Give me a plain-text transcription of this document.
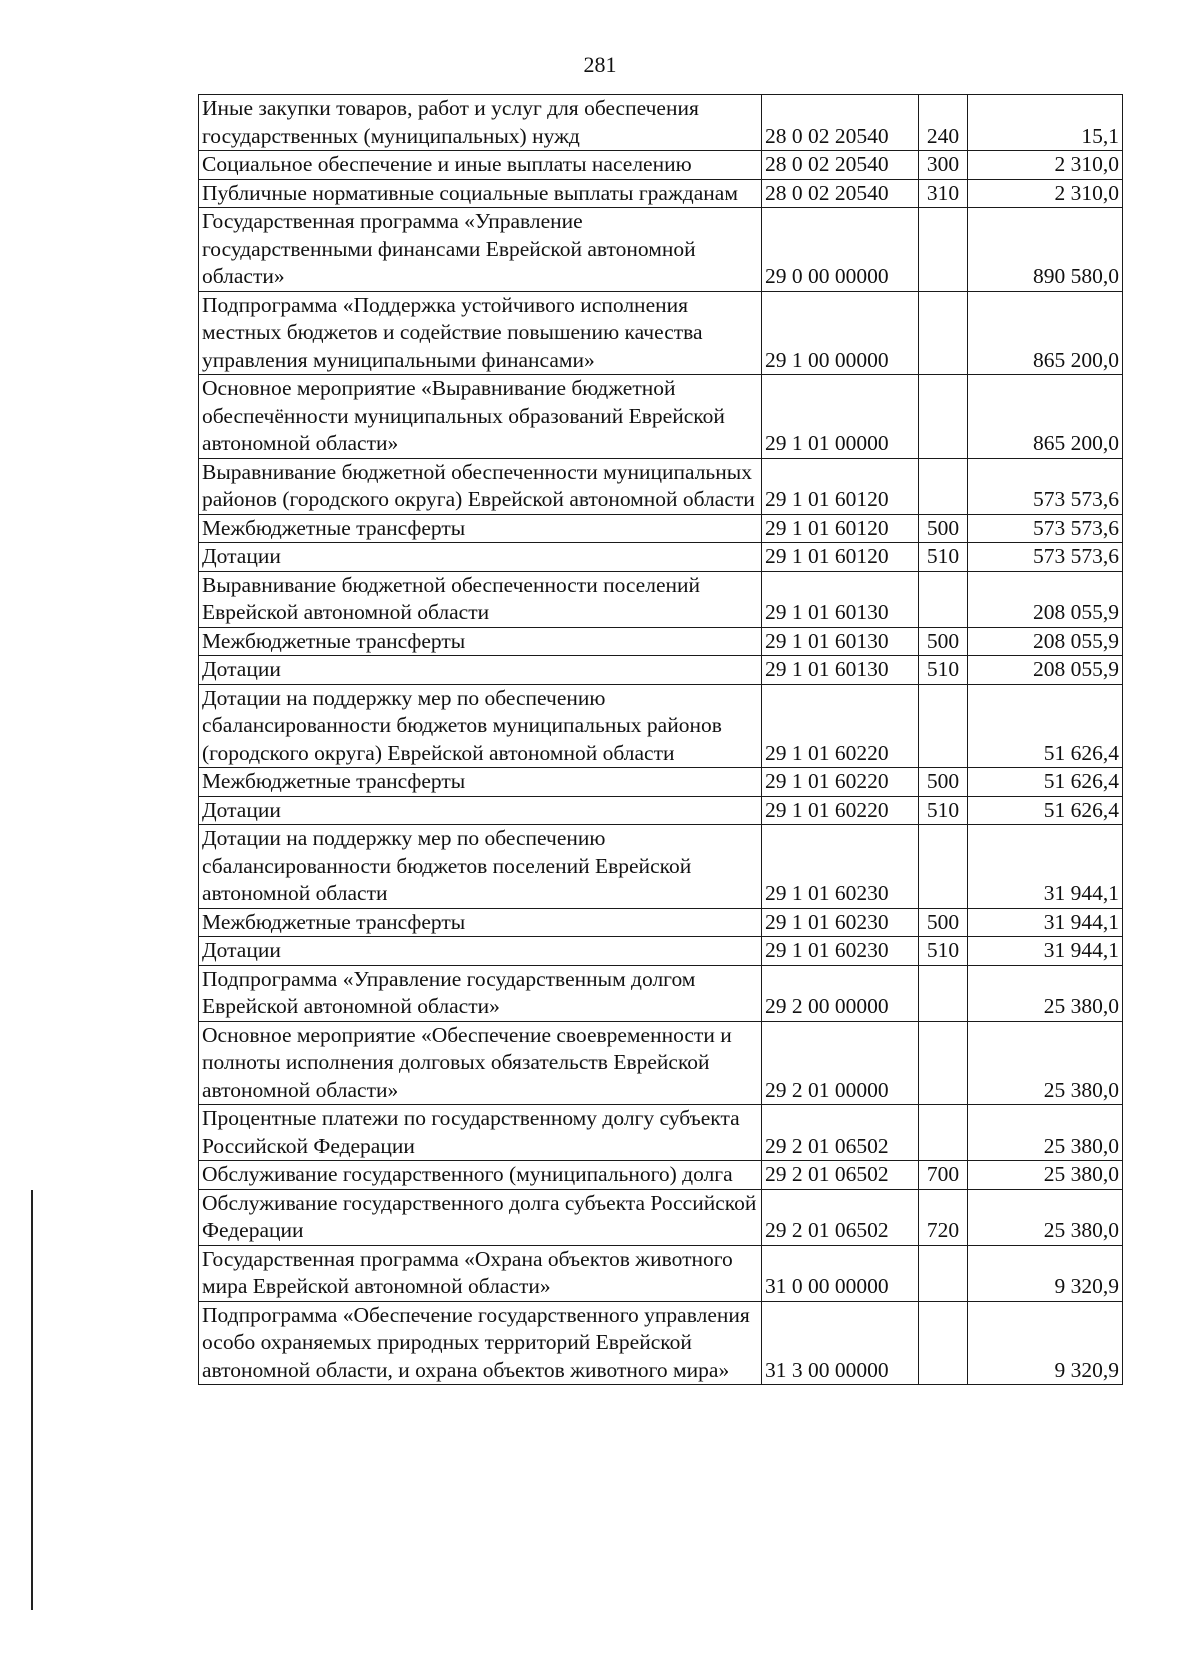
281
Иные закупки товаров, работ и услуг для обеспечения государственных (муниципальных) нужд	28 0 02 20540	240	15,1
Социальное обеспечение и иные выплаты населению	28 0 02 20540	300	2 310,0
Публичные нормативные социальные выплаты гражданам	28 0 02 20540	310	2 310,0
Государственная программа «Управление государственными финансами Еврейской автономной области»	29 0 00 00000		890 580,0
Подпрограмма «Поддержка устойчивого исполнения местных бюджетов и содействие повышению качества управления муниципальными финансами»	29 1 00 00000		865 200,0
Основное мероприятие «Выравнивание бюджетной обеспечённости муниципальных образований Еврейской автономной области»	29 1 01 00000		865 200,0
Выравнивание бюджетной обеспеченности муниципальных районов (городского округа) Еврейской автономной области	29 1 01 60120		573 573,6
Межбюджетные трансферты	29 1 01 60120	500	573 573,6
Дотации	29 1 01 60120	510	573 573,6
Выравнивание бюджетной обеспеченности поселений Еврейской автономной области	29 1 01 60130		208 055,9
Межбюджетные трансферты	29 1 01 60130	500	208 055,9
Дотации	29 1 01 60130	510	208 055,9
Дотации на поддержку мер по обеспечению сбалансированности бюджетов муниципальных районов (городского округа) Еврейской автономной области	29 1 01 60220		51 626,4
Межбюджетные трансферты	29 1 01 60220	500	51 626,4
Дотации	29 1 01 60220	510	51 626,4
Дотации на поддержку мер по обеспечению сбалансированности бюджетов поселений Еврейской автономной области	29 1 01 60230		31 944,1
Межбюджетные трансферты	29 1 01 60230	500	31 944,1
Дотации	29 1 01 60230	510	31 944,1
Подпрограмма «Управление государственным долгом Еврейской автономной области»	29 2 00 00000		25 380,0
Основное мероприятие «Обеспечение своевременности и полноты исполнения долговых обязательств Еврейской автономной области»	29 2 01 00000		25 380,0
Процентные платежи по государственному долгу субъекта Российской Федерации	29 2 01 06502		25 380,0
Обслуживание государственного (муниципального) долга	29 2 01 06502	700	25 380,0
Обслуживание государственного долга субъекта Российской Федерации	29 2 01 06502	720	25 380,0
Государственная программа «Охрана объектов животного мира Еврейской автономной области»	31 0 00 00000		9 320,9
Подпрограмма «Обеспечение государственного управления особо охраняемых природных территорий Еврейской автономной области, и охрана объектов животного мира»	31 3 00 00000		9 320,9
